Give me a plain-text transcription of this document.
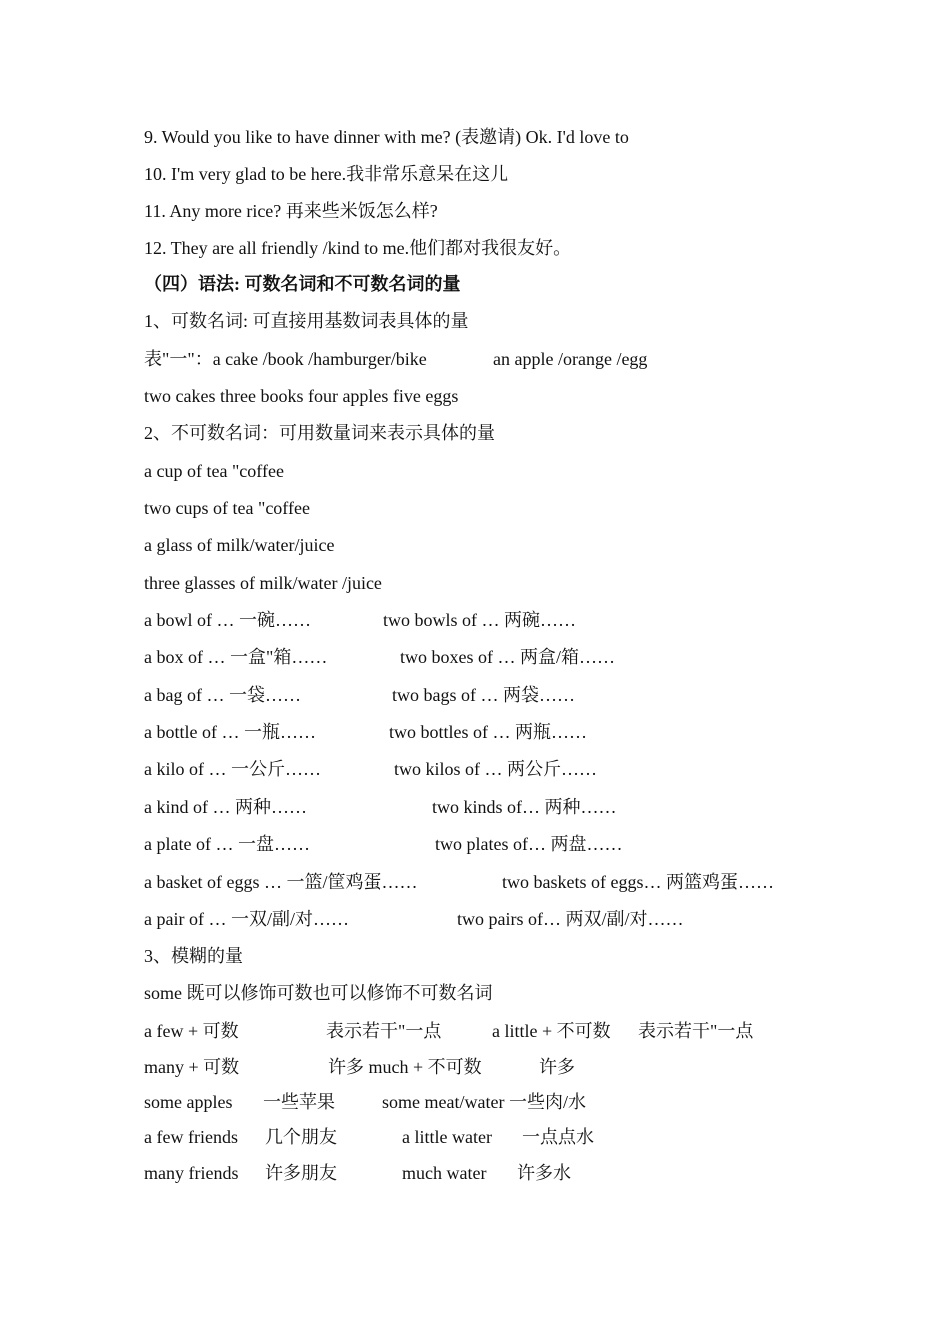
9. Would you like to have dinner with me? (表邀请) Ok. I'd love to
10. I'm very glad to be here.我非常乐意呆在这儿
11. Any more rice? 再来些米饭怎么样?
12. They are all friendly /kind to me.他们都对我很友好。
（四）语法: 可数名词和不可数名词的量
1、可数名词: 可直接用基数词表具体的量
表"一"：a cake /book /hamburger/bike	an apple /orange /egg
two cakes three books four apples five eggs
2、不可数名词：可用数量词来表示具体的量
a cup of tea "coffee
two cups of tea "coffee
a glass of milk/water/juice
three glasses of milk/water /juice
a bowl of … 一碗……	two bowls of … 两碗……
a box of … 一盒"箱……	two boxes of … 两盒/箱……
a bag of … 一袋……	two bags of … 两袋……
a bottle of … 一瓶……	two bottles of … 两瓶……
a kilo of … 一公斤……	two kilos of … 两公斤……
a kind of … 两种……	two kinds of… 两种……
a plate of … 一盘……	two plates of… 两盘……
a basket of eggs … 一篮/筐鸡蛋……	two baskets of eggs… 两篮鸡蛋……
a pair of … 一双/副/对……	two pairs of… 两双/副/对……
3、模糊的量
some 既可以修饰可数也可以修饰不可数名词
a few + 可数	表示若干"一点	a little + 不可数 表示若干"一点
many + 可数	许多 much + 不可数	许多
some apples 一些苹果	some meat/water 一些肉/水
a few friends 几个朋友	a little water 一点点水
many friends 许多朋友	much water 许多水
